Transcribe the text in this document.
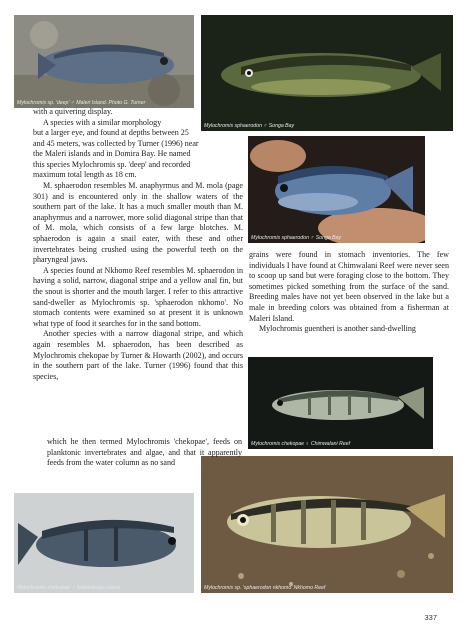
Mylochromis sp. 'deep' ♂ Maleri Island. Photo G. Turner
Mylochromis sphaerodon ♂ Songa Bay
Mylochromis sphaerodon ♂ Songa Bay
Mylochromis chekopae ♀ Chimwalani Reef
Mylochromis chekopae ♂ Nakantenga Island	Mylochromis sp. 'sphaerodon nkhomo' Nkhomo Reef

with a quivering display.

A species with a similar morphology

but a larger eye, and found at depths between 25

and 45 meters, was collected by Turner (1996) near

the Maleri islands and in Domira Bay. He named

this species Mylochromis sp. 'deep' and recorded

maximum total length as 18 cm.

M. sphaerodon resembles M. anaphyrmus and M. mola (page 301) and is encountered only in the shallow waters of the southern part of the lake. It has a much smaller mouth than M. anaphyrmus and a narrower, more solid diagonal stripe than that of M. mola, which consists of a few large blotches. M. sphaerodon is again a snail eater, with these and other invertebrates being crushed using the powerful teeth on the pharyngeal jaws.

A species found at Nkhomo Reef resembles M. sphaerodon in having a solid, narrow, diagonal stripe and a yellow anal fin, but the snout is shorter and the mouth larger. I refer to this attractive sand-dweller as Mylochromis sp. 'sphaerodon nkhomo'. No stomach contents were examined so at present it is unknown what type of food it searches for in the sand bottom.

Another species with a narrow diagonal stripe, and which again resembles M. sphaerodon, has been described as Mylochromis chekopae by Turner & Howarth (2002), and occurs in the southern part of the lake. Turner (1996) found that this species,

which he then termed Mylochromis 'chekopae', feeds on planktonic invertebrates and algae, and that it apparently feeds from the water column as no sand

grains were found in stomach inventories. The few individuals I have found at Chimwalani Reef were never seen to scoop up sand but were foraging close to the bottom. They sometimes picked something from the surface of the sand. Breeding males have not yet been observed in the lake but a male in breeding colors was obtained from a fisherman at Maleri Island.

Mylochromis guentheri is another sand-dwelling

337
